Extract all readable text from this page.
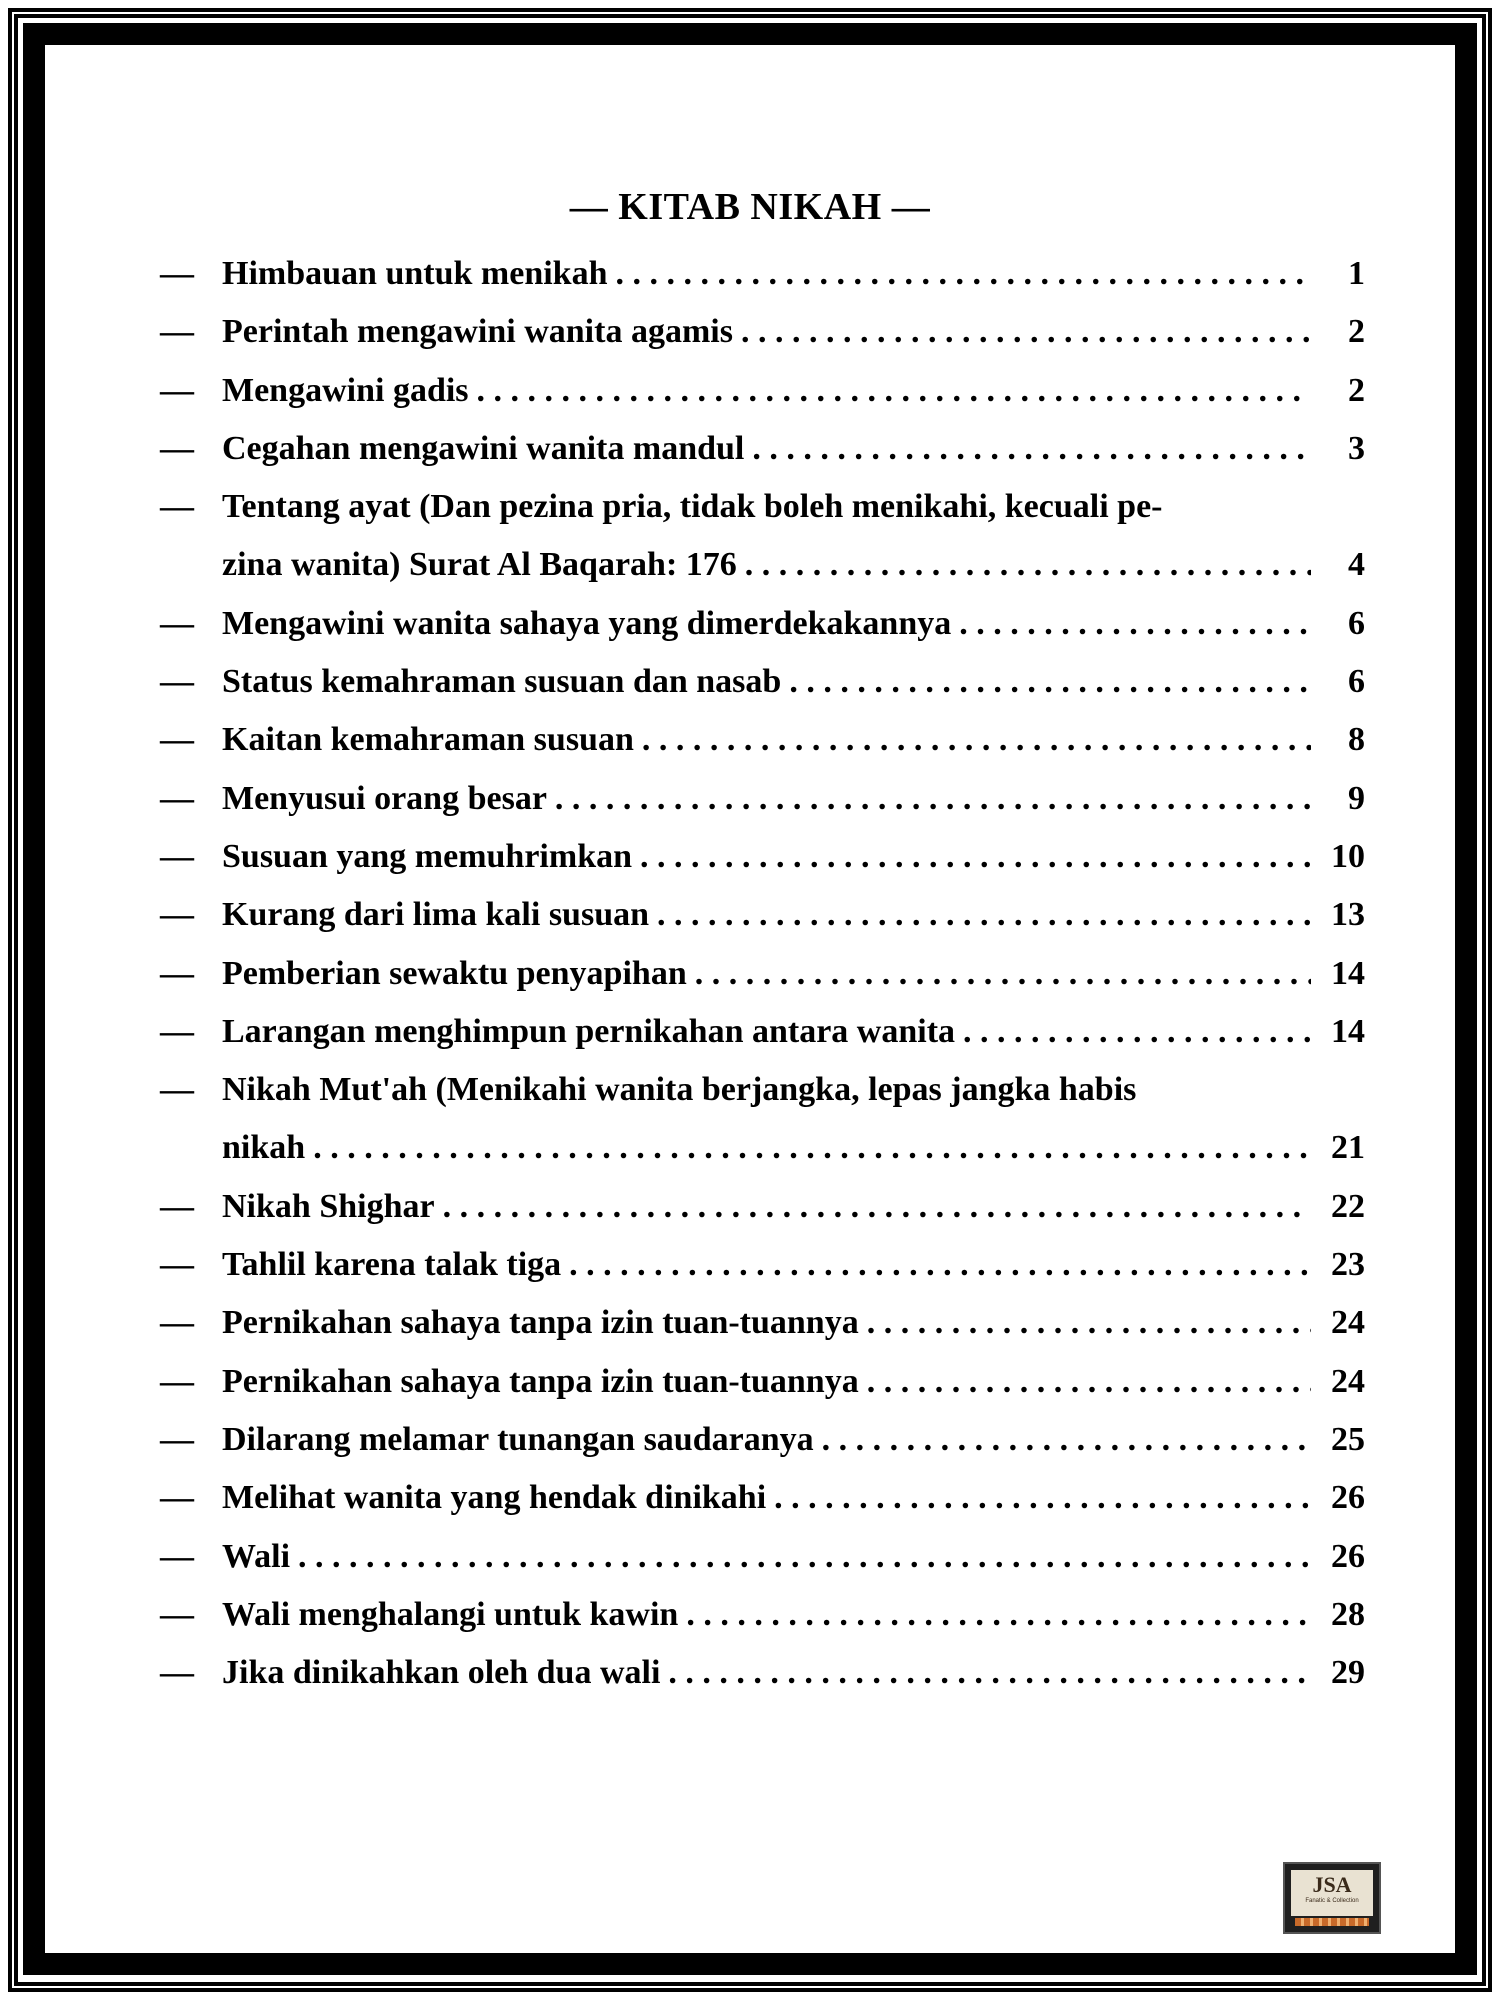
— KITAB NIKAH —
— Himbauan untuk menikah . . .	1
— Perintah mengawini wanita agamis . . .	2
— Mengawini gadis . . .	2
— Cegahan mengawini wanita mandul . . .	3
— Tentang ayat (Dan pezina pria, tidak boleh menikahi, kecuali pe-
zina wanita) Surat Al Baqarah: 176 . . .	4
— Mengawini wanita sahaya yang dimerdekakannya . . .	6
— Status kemahraman susuan dan nasab . . .	6
— Kaitan kemahraman susuan . . .	8
— Menyusui orang besar . . .	9
— Susuan yang memuhrimkan . . .	10
— Kurang dari lima kali susuan . . .	13
— Pemberian sewaktu penyapihan . . .	14
— Larangan menghimpun pernikahan antara wanita . . .	14
— Nikah Mut'ah (Menikahi wanita berjangka, lepas jangka habis
nikah . . .	21
— Nikah Shighar . . .	22
— Tahlil karena talak tiga . . .	23
— Pernikahan sahaya tanpa izin tuan-tuannya . . .	24
— Pernikahan sahaya tanpa izin tuan-tuannya . . .	24
— Dilarang melamar tunangan saudaranya . . .	25
— Melihat wanita yang hendak dinikahi . . .	26
— Wali . . .	26
— Wali menghalangi untuk kawin . . .	28
— Jika dinikahkan oleh dua wali . . .	29
JSA
Fanatic & Collection
